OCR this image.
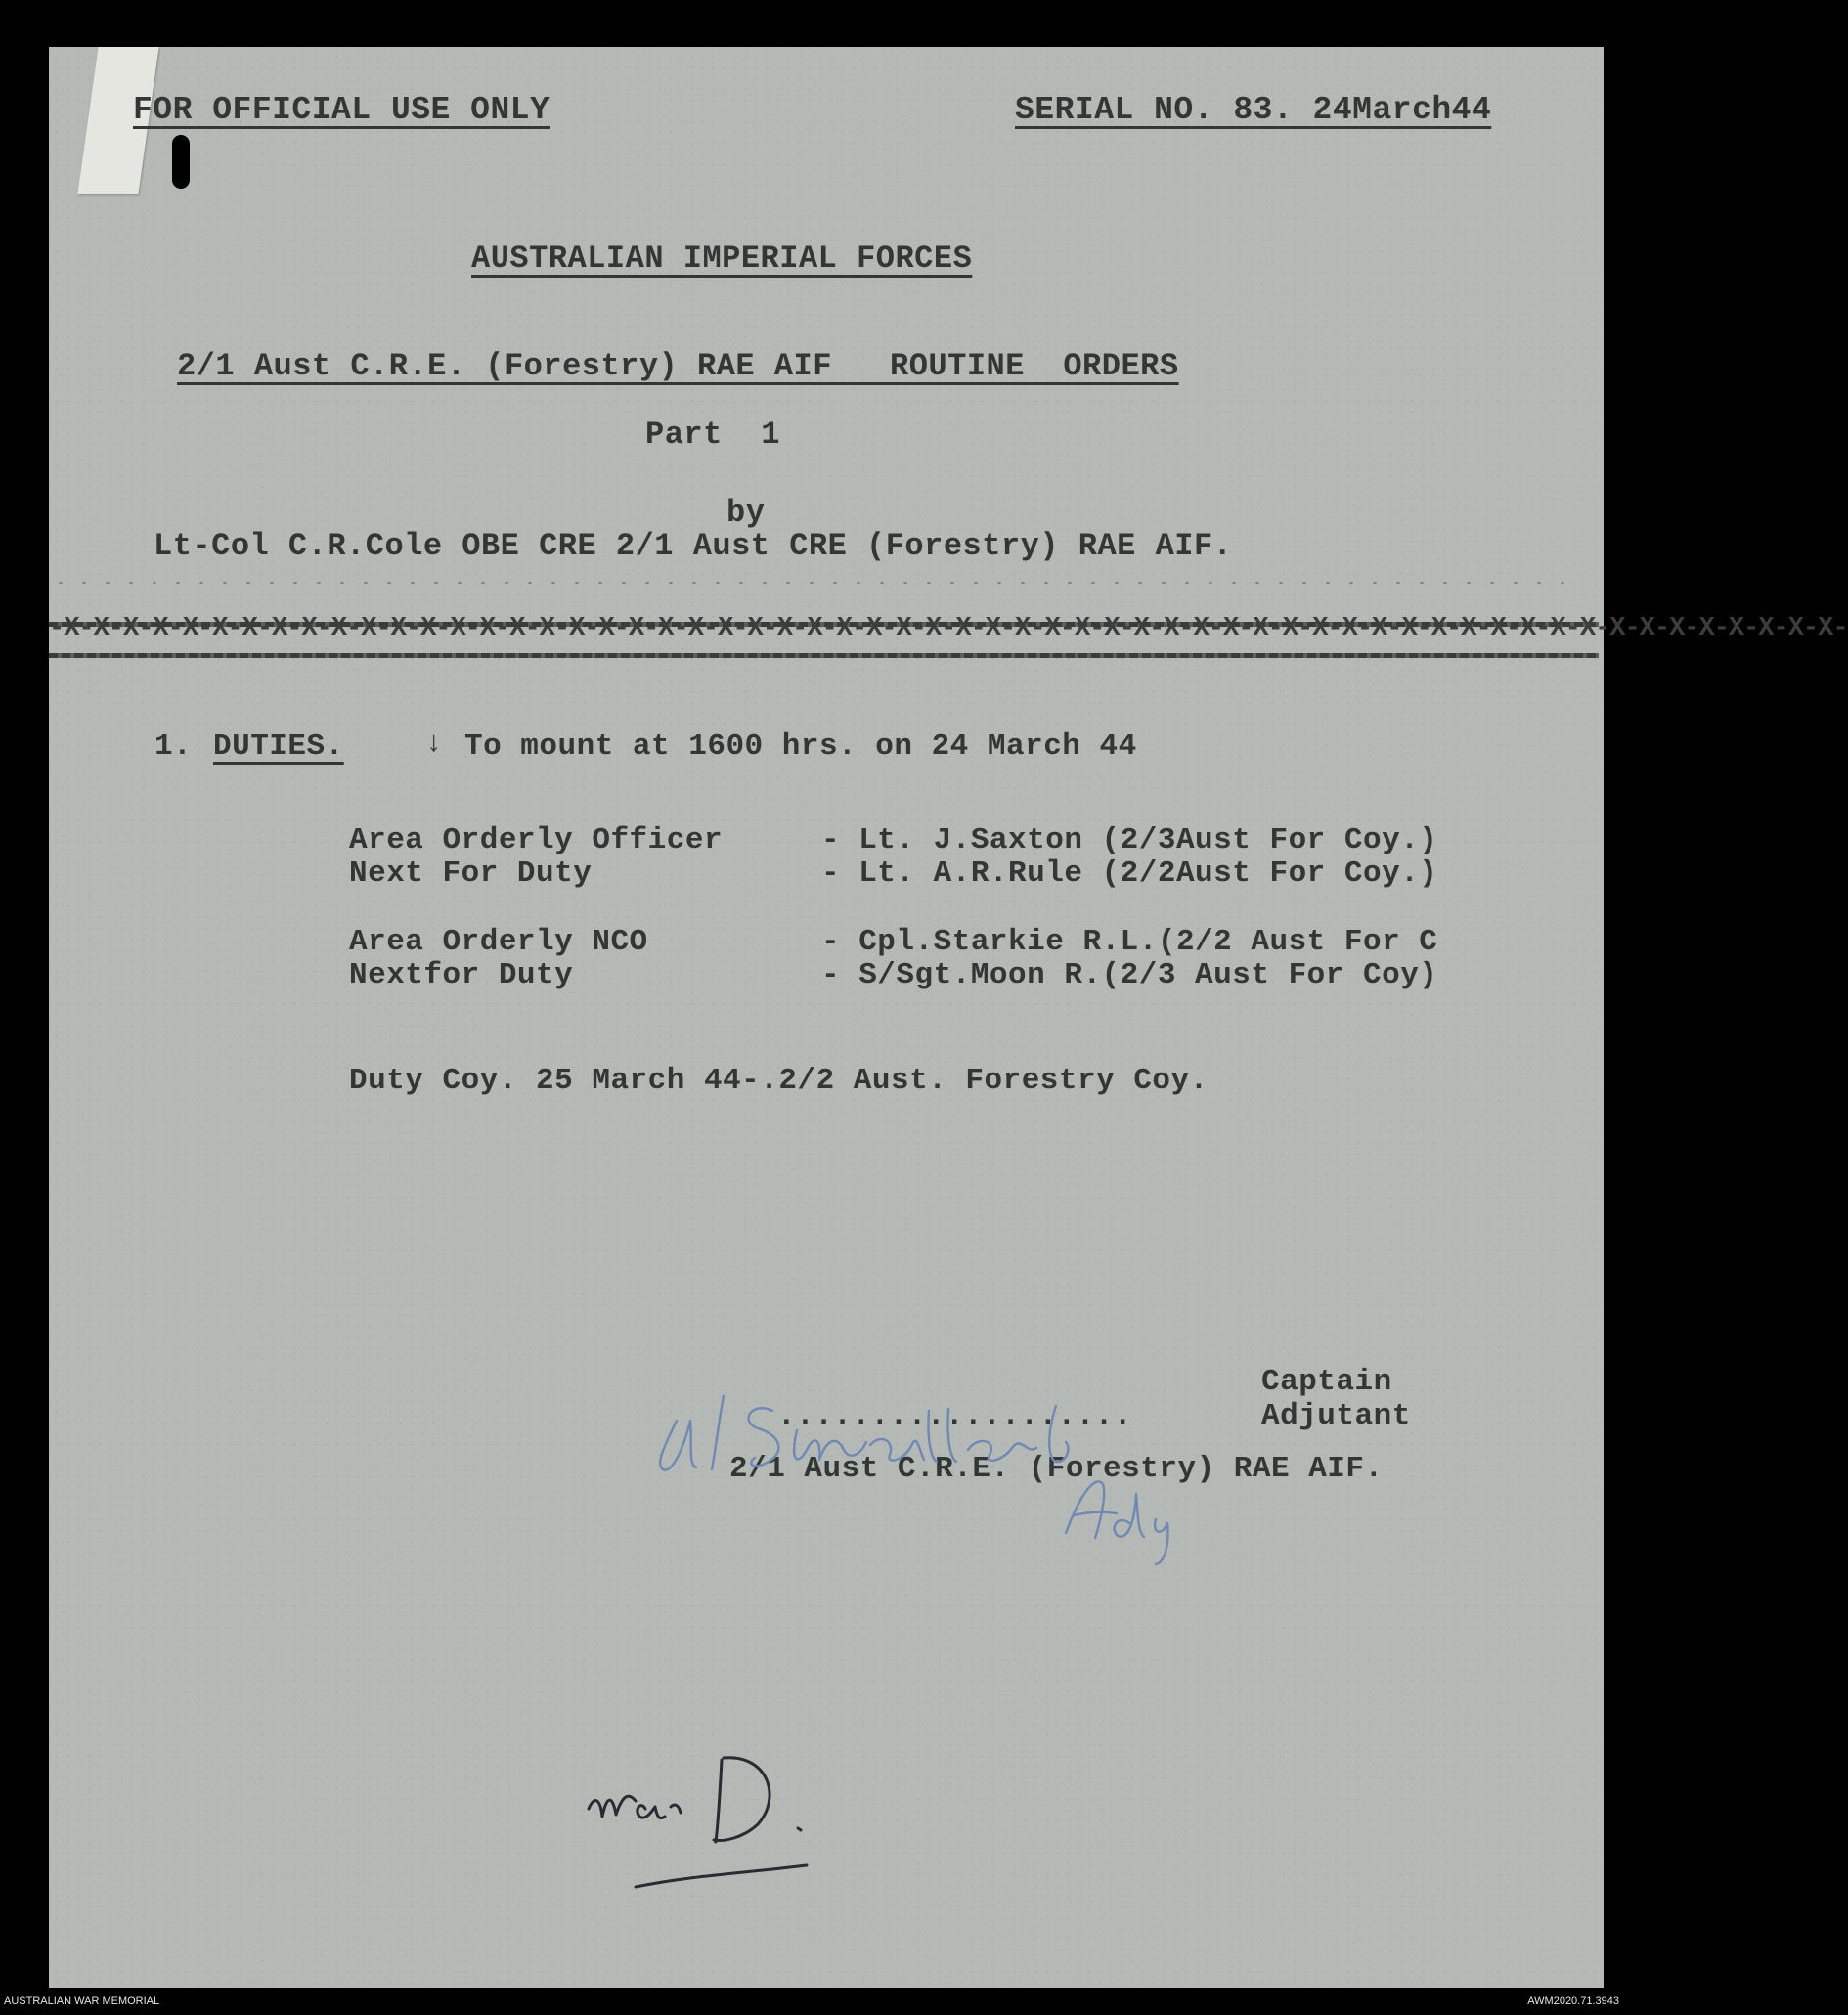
FOR OFFICIAL USE ONLY	SERIAL NO. 83. 24March44
AUSTRALIAN IMPERIAL FORCES
2/1 Aust C.R.E. (Forestry) RAE AIF   ROUTINE  ORDERS
Part  1
by
Lt-Col C.R.Cole OBE CRE 2/1 Aust CRE (Forestry) RAE AIF.
-X-X-X-X-X-X-X-X-X-X-X-X-X-X-X-X-X-X-X-X-X-X-X-X-X-X-X-X-X-X-X-X-X-X-X-X-X-X-X-X-X-X-X-X-X-X-X-X-X-X-X-X-X-X-X-X-X-X-X-X-
1. DUTIES.	↓ To mount at 1600 hrs. on 24 March 44
Area Orderly Officer	- Lt. J.Saxton (2/3Aust For Coy.)
Next For Duty	- Lt. A.R.Rule (2/2Aust For Coy.)
Area Orderly NCO	- Cpl.Starkie R.L.(2/2 Aust For C
Nextfor Duty	- S/Sgt.Moon R.(2/3 Aust For Coy)
Duty Coy. 25 March 44-.2/2 Aust. Forestry Coy.
Captain
...................	Adjutant
2/1 Aust C.R.E. (Forestry) RAE AIF.
AUSTRALIAN WAR MEMORIAL	AWM2020.71.3943
